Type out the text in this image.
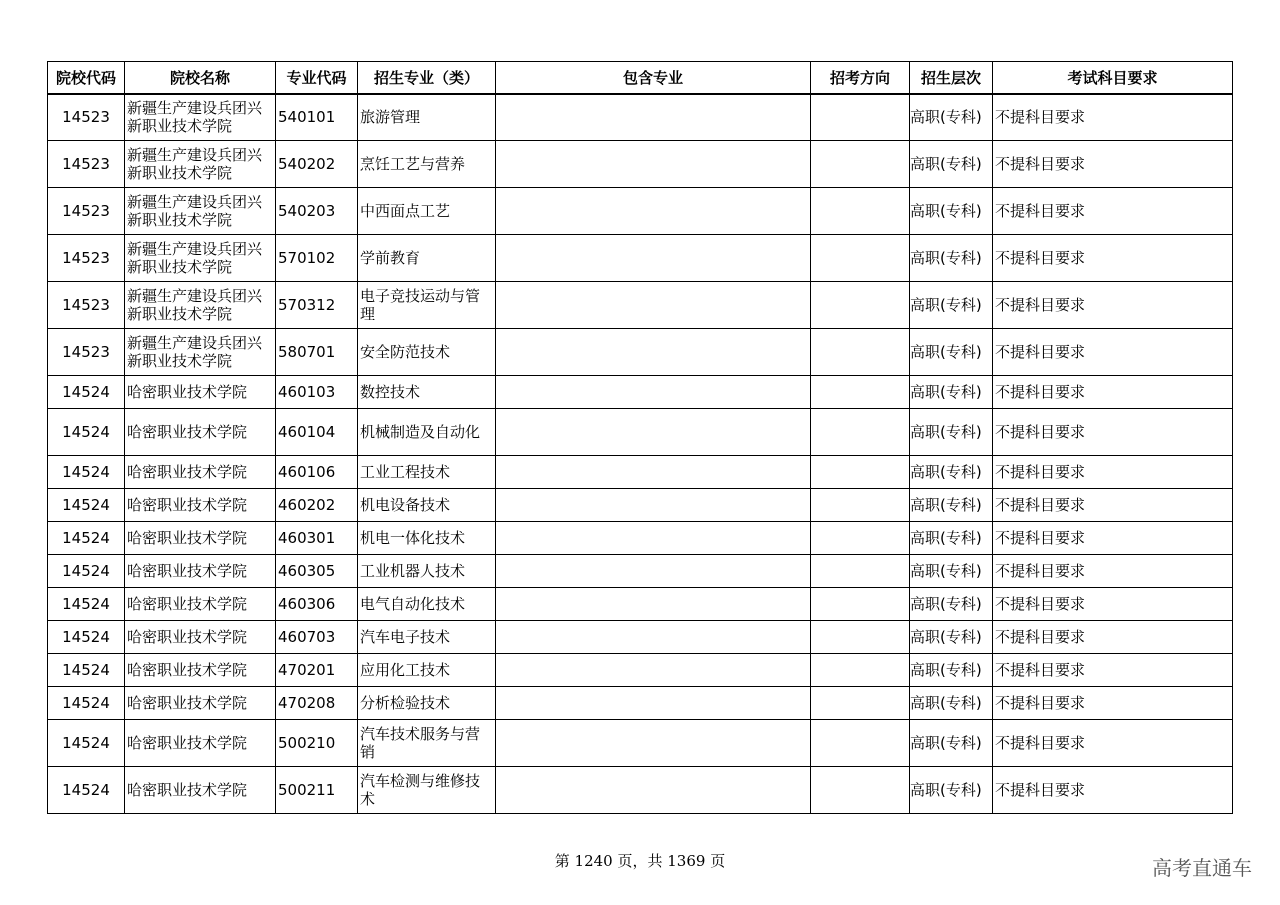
院校代码	院校名称	专业代码	招生专业（类）	包含专业	招考方向	招生层次	考试科目要求
14523	新疆生产建设兵团兴新职业技术学院	540101	旅游管理			高职(专科)	不提科目要求
14523	新疆生产建设兵团兴新职业技术学院	540202	烹饪工艺与营养			高职(专科)	不提科目要求
14523	新疆生产建设兵团兴新职业技术学院	540203	中西面点工艺			高职(专科)	不提科目要求
14523	新疆生产建设兵团兴新职业技术学院	570102	学前教育			高职(专科)	不提科目要求
14523	新疆生产建设兵团兴新职业技术学院	570312	电子竞技运动与管理			高职(专科)	不提科目要求
14523	新疆生产建设兵团兴新职业技术学院	580701	安全防范技术			高职(专科)	不提科目要求
14524	哈密职业技术学院	460103	数控技术			高职(专科)	不提科目要求
14524	哈密职业技术学院	460104	机械制造及自动化			高职(专科)	不提科目要求
14524	哈密职业技术学院	460106	工业工程技术			高职(专科)	不提科目要求
14524	哈密职业技术学院	460202	机电设备技术			高职(专科)	不提科目要求
14524	哈密职业技术学院	460301	机电一体化技术			高职(专科)	不提科目要求
14524	哈密职业技术学院	460305	工业机器人技术			高职(专科)	不提科目要求
14524	哈密职业技术学院	460306	电气自动化技术			高职(专科)	不提科目要求
14524	哈密职业技术学院	460703	汽车电子技术			高职(专科)	不提科目要求
14524	哈密职业技术学院	470201	应用化工技术			高职(专科)	不提科目要求
14524	哈密职业技术学院	470208	分析检验技术			高职(专科)	不提科目要求
14524	哈密职业技术学院	500210	汽车技术服务与营销			高职(专科)	不提科目要求
14524	哈密职业技术学院	500211	汽车检测与维修技术			高职(专科)	不提科目要求
第 1240 页，共 1369 页	高考直通车
